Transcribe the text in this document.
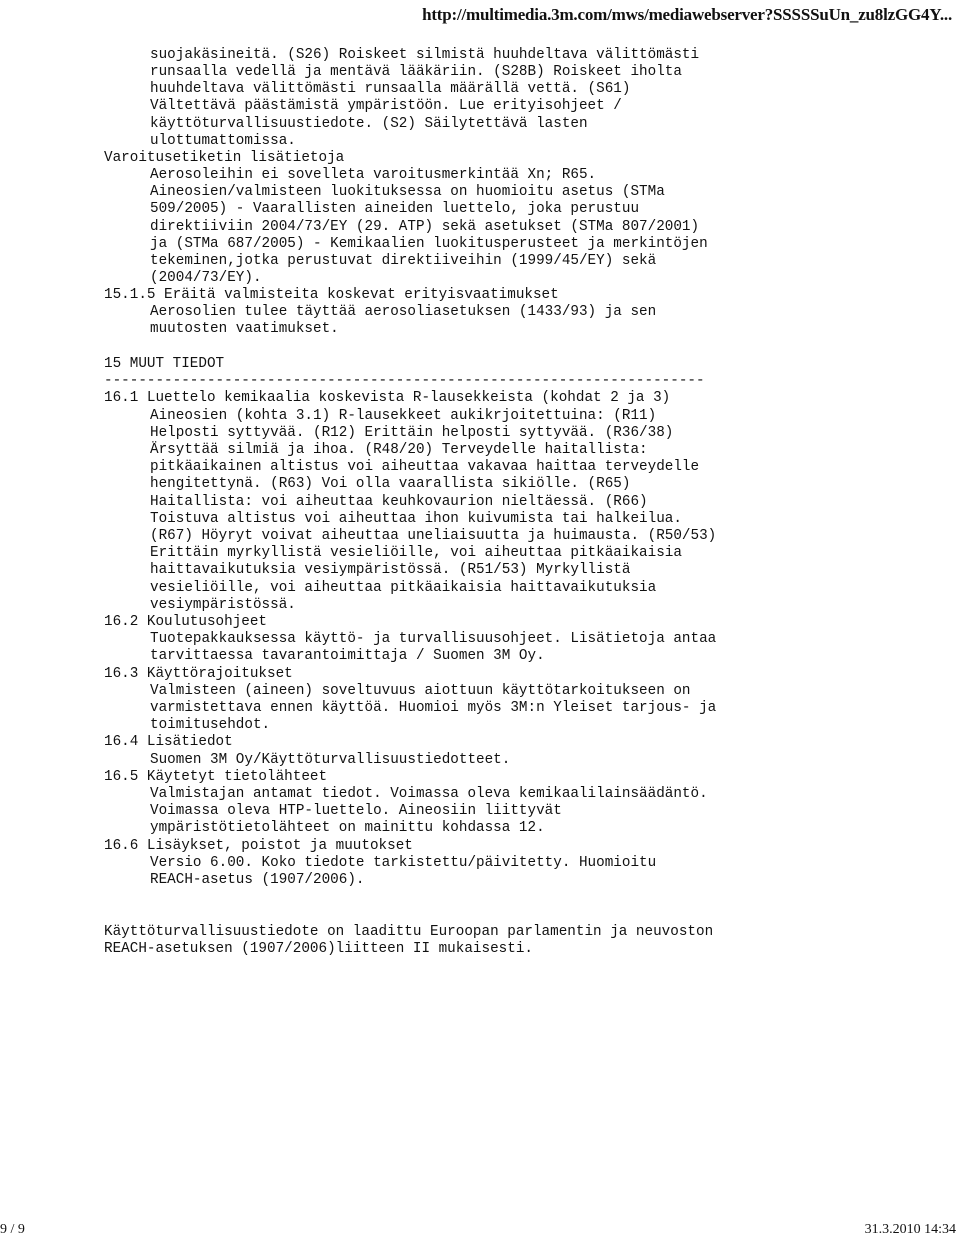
http://multimedia.3m.com/mws/mediawebserver?SSSSSuUn_zu8lzGG4Y...

suojakäsineitä. (S26) Roiskeet silmistä huuhdeltava välittömästi

runsaalla vedellä ja mentävä lääkäriin. (S28B) Roiskeet iholta

huuhdeltava välittömästi runsaalla määrällä vettä. (S61)

Vältettävä päästämistä ympäristöön. Lue erityisohjeet /

käyttöturvallisuustiedote. (S2) Säilytettävä lasten

ulottumattomissa.

Varoitusetiketin lisätietoja

Aerosoleihin ei sovelleta varoitusmerkintää Xn; R65.

Aineosien/valmisteen luokituksessa on huomioitu asetus (STMa

509/2005) - Vaarallisten aineiden luettelo, joka perustuu

direktiiviin 2004/73/EY (29. ATP) sekä asetukset (STMa 807/2001)

ja (STMa 687/2005) - Kemikaalien luokitusperusteet ja merkintöjen

tekeminen,jotka perustuvat direktiiveihin (1999/45/EY) sekä

(2004/73/EY).

15.1.5 Eräitä valmisteita koskevat erityisvaatimukset

Aerosolien tulee täyttää aerosoliasetuksen (1433/93) ja sen

muutosten vaatimukset.

15 MUUT TIEDOT

----------------------------------------------------------------------

16.1 Luettelo kemikaalia koskevista R-lausekkeista (kohdat 2 ja 3)

Aineosien (kohta 3.1) R-lausekkeet aukikrjoitettuina: (R11)

Helposti syttyvää. (R12) Erittäin helposti syttyvää. (R36/38)

Ärsyttää silmiä ja ihoa. (R48/20) Terveydelle haitallista:

pitkäaikainen altistus voi aiheuttaa vakavaa haittaa terveydelle

hengitettynä. (R63) Voi olla vaarallista sikiölle. (R65)

Haitallista: voi aiheuttaa keuhkovaurion nieltäessä. (R66)

Toistuva altistus voi aiheuttaa ihon kuivumista tai halkeilua.

(R67) Höyryt voivat aiheuttaa uneliaisuutta ja huimausta. (R50/53)

Erittäin myrkyllistä vesieliöille, voi aiheuttaa pitkäaikaisia

haittavaikutuksia vesiympäristössä. (R51/53) Myrkyllistä

vesieliöille, voi aiheuttaa pitkäaikaisia haittavaikutuksia

vesiympäristössä.

16.2 Koulutusohjeet

Tuotepakkauksessa käyttö- ja turvallisuusohjeet. Lisätietoja antaa

tarvittaessa tavarantoimittaja / Suomen 3M Oy.

16.3 Käyttörajoitukset

Valmisteen (aineen) soveltuvuus aiottuun käyttötarkoitukseen on

varmistettava ennen käyttöä. Huomioi myös 3M:n Yleiset tarjous- ja

toimitusehdot.

16.4 Lisätiedot

Suomen 3M Oy/Käyttöturvallisuustiedotteet.

16.5 Käytetyt tietolähteet

Valmistajan antamat tiedot. Voimassa oleva kemikaalilainsäädäntö.

Voimassa oleva HTP-luettelo. Aineosiin liittyvät

ympäristötietolähteet on mainittu kohdassa 12.

16.6 Lisäykset, poistot ja muutokset

Versio 6.00. Koko tiedote tarkistettu/päivitetty. Huomioitu

REACH-asetus (1907/2006).

Käyttöturvallisuustiedote on laadittu Euroopan parlamentin ja neuvoston

REACH-asetuksen (1907/2006)liitteen II mukaisesti.

9 / 9	31.3.2010 14:34
